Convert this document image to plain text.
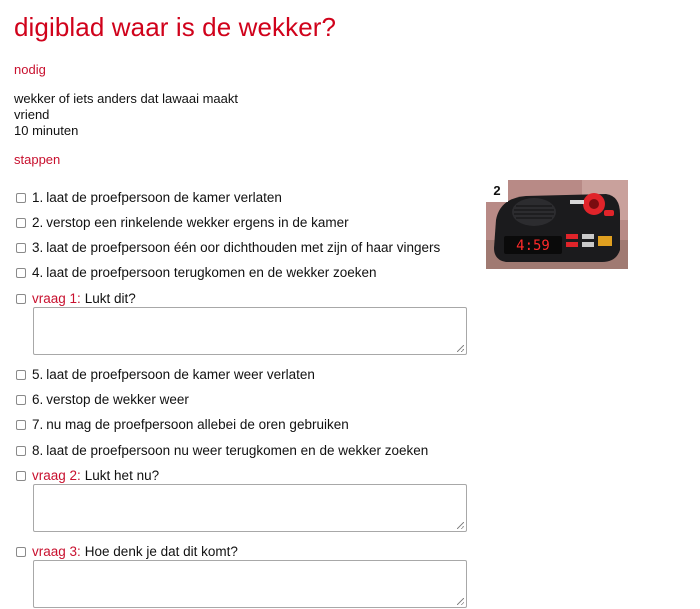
digiblad waar is de wekker?

nodig

wekker of iets anders dat lawaai maakt
vriend
10 minuten

stappen

1. laat de proefpersoon de kamer verlaten
2. verstop een rinkelende wekker ergens in de kamer
3. laat de proefpersoon één oor dichthouden met zijn of haar vingers
4. laat de proefpersoon terugkomen en de wekker zoeken
vraag 1: Lukt dit?
5. laat de proefpersoon de kamer weer verlaten
6. verstop de wekker weer
7. nu mag de proefpersoon allebei de oren gebruiken
8. laat de proefpersoon nu weer terugkomen en de wekker zoeken
vraag 2: Lukt het nu?
vraag 3: Hoe denk je dat dit komt?
2
4:59
